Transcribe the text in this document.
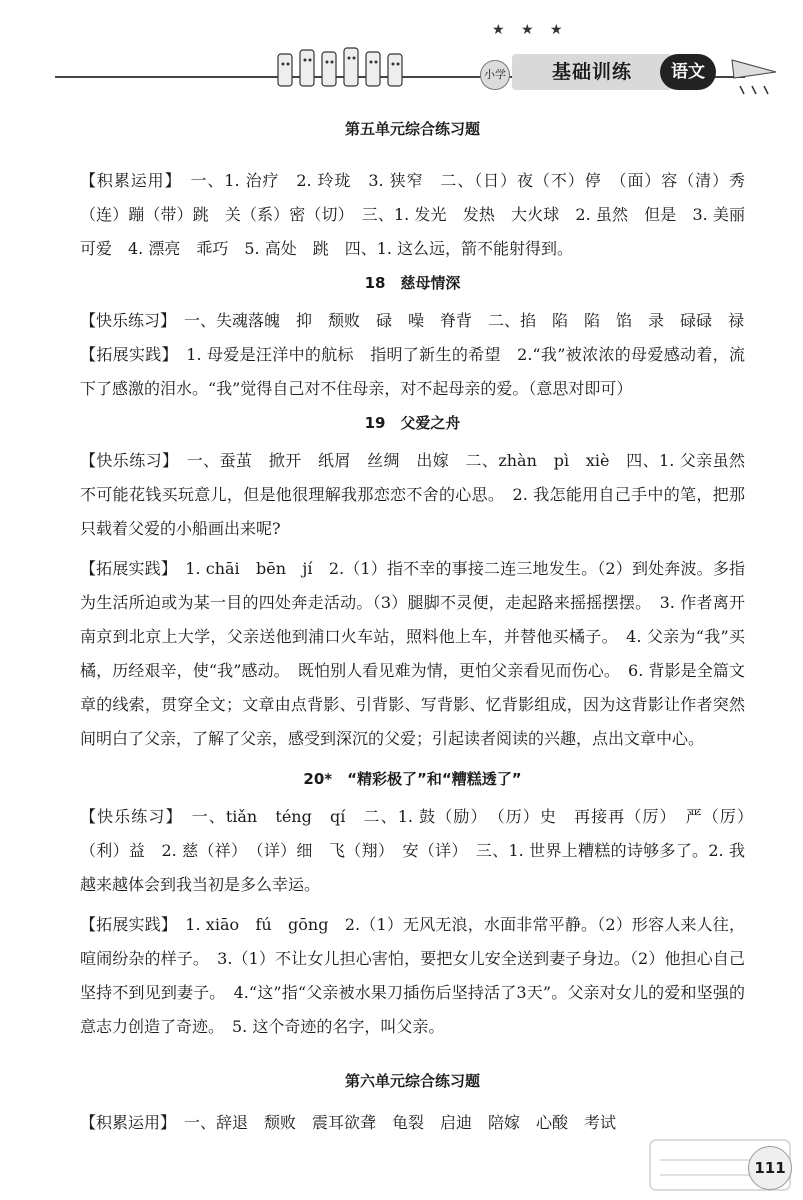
★ ★ ★
小学	基础训练	语文
第五单元综合练习题

【积累运用】　一、1. 治疗　2. 玲珑　3. 狭窄　二、（日）夜（不）停　（面）容（清）秀　（连）蹦（带）跳　关（系）密（切）　三、1. 发光　发热　大火球　2. 虽然　但是　3. 美丽可爱　4. 漂亮　乖巧　5. 高处　跳　四、1. 这么远，箭不能射得到。

18　慈母情深

【快乐练习】　一、失魂落魄　抑　颓败　碌　噪　脊背　二、掐　陷　陷　馅　录　碌碌　禄

【拓展实践】　1. 母爱是汪洋中的航标　指明了新生的希望　2.“我”被浓浓的母爱感动着，流下了感激的泪水。“我”觉得自己对不住母亲，对不起母亲的爱。（意思对即可）

19　父爱之舟

【快乐练习】　一、蚕茧　掀开　纸屑　丝绸　出嫁　二、zhàn　pì　xiè　四、1. 父亲虽然不可能花钱买玩意儿，但是他很理解我那恋恋不舍的心思。　2. 我怎能用自己手中的笔，把那只载着父爱的小船画出来呢?

【拓展实践】　1. chāi　bēn　jí　2.（1）指不幸的事接二连三地发生。（2）到处奔波。多指为生活所迫或为某一目的四处奔走活动。（3）腿脚不灵便，走起路来摇摇摆摆。　3. 作者离开南京到北京上大学，父亲送他到浦口火车站，照料他上车，并替他买橘子。　4. 父亲为“我”买橘，历经艰辛，使“我”感动。　既怕别人看见难为情，更怕父亲看见而伤心。　6. 背影是全篇文章的线索，贯穿全文；文章由点背影、引背影、写背影、忆背影组成，因为这背影让作者突然间明白了父亲，了解了父亲，感受到深沉的父爱；引起读者阅读的兴趣，点出文章中心。

20*　“精彩极了”和“糟糕透了”

【快乐练习】　一、tiǎn　téng　qí　二、1. 鼓（励）　（历）史　再接再（厉）　严（厉）　（利）益　2. 慈（祥）　（详）细　飞（翔）　安（详）　三、1. 世界上糟糕的诗够多了。2. 我越来越体会到我当初是多么幸运。

【拓展实践】　1. xiāo　fú　gōng　2.（1）无风无浪，水面非常平静。（2）形容人来人往，喧闹纷杂的样子。　3.（1）不让女儿担心害怕，要把女儿安全送到妻子身边。（2）他担心自己坚持不到见到妻子。　4.“这”指“父亲被水果刀插伤后坚持活了3天”。父亲对女儿的爱和坚强的意志力创造了奇迹。　5. 这个奇迹的名字，叫父亲。

第六单元综合练习题

【积累运用】　一、辞退　颓败　震耳欲聋　龟裂　启迪　陪嫁　心酸　考试

111
